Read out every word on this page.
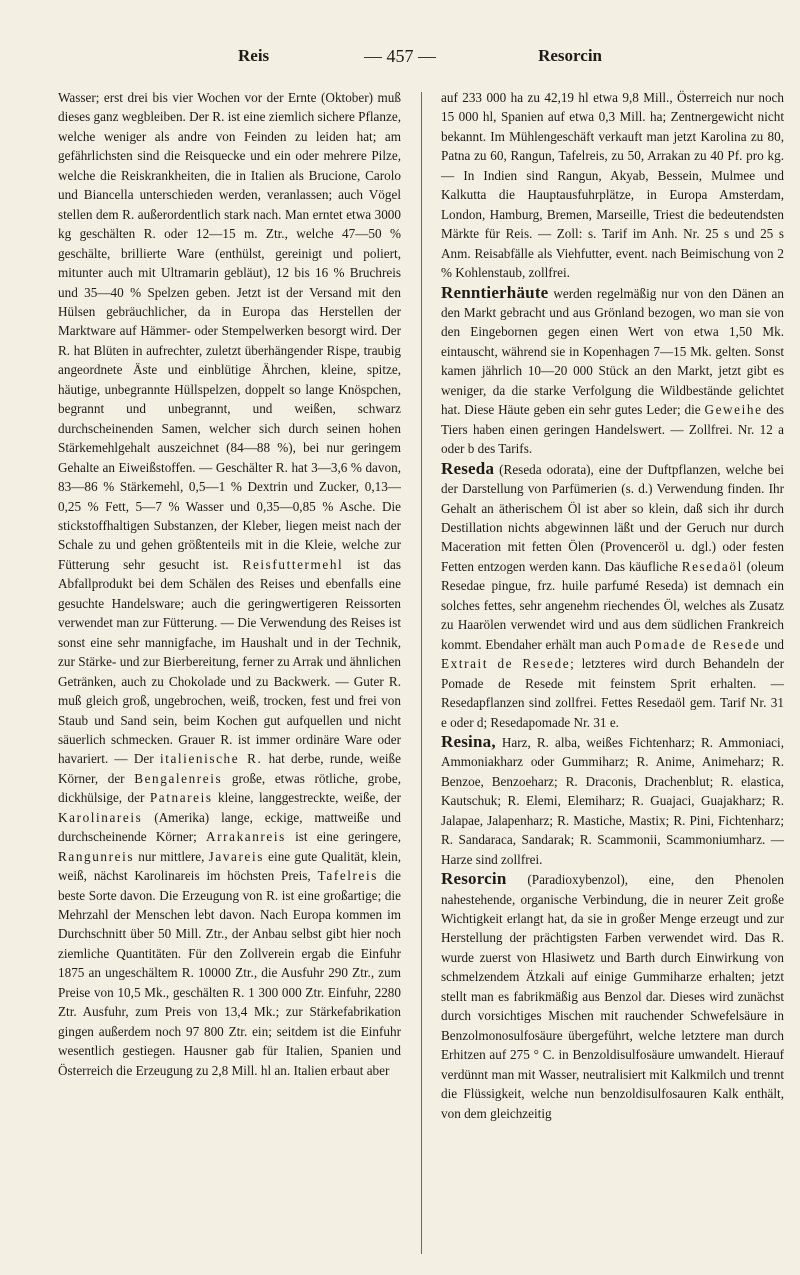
Reis	— 457 —	Resorcin

Wasser; erst drei bis vier Wochen vor der Ernte (Oktober) muß dieses ganz wegbleiben. Der R. ist eine ziemlich sichere Pflanze, welche weniger als andre von Feinden zu leiden hat; am gefährlichsten sind die Reisquecke und ein oder mehrere Pilze, welche die Reiskrankheiten, die in Italien als Brucione, Carolo und Biancella unterschieden werden, veranlassen; auch Vögel stellen dem R. außerordentlich stark nach. Man erntet etwa 3000 kg geschälten R. oder 12—15 m. Ztr., welche 47—50 % geschälte, brillierte Ware (enthülst, gereinigt und poliert, mitunter auch mit Ultramarin gebläut), 12 bis 16 % Bruchreis und 35—40 % Spelzen geben. Jetzt ist der Versand mit den Hülsen gebräuchlicher, da in Europa das Herstellen der Marktware auf Hämmer- oder Stempelwerken besorgt wird. Der R. hat Blüten in aufrechter, zuletzt überhängender Rispe, traubig angeordnete Äste und einblütige Ährchen, kleine, spitze, häutige, unbegrannte Hüllspelzen, doppelt so lange Knöspchen, begrannt und unbegrannt, und weißen, schwarz durchscheinenden Samen, welcher sich durch seinen hohen Stärkemehlgehalt auszeichnet (84—88 %), bei nur geringem Gehalte an Eiweißstoffen. — Geschälter R. hat 3—3,6 % davon, 83—86 % Stärkemehl, 0,5—1 % Dextrin und Zucker, 0,13—0,25 % Fett, 5—7 % Wasser und 0,35—0,85 % Asche. Die stickstoffhaltigen Substanzen, der Kleber, liegen meist nach der Schale zu und gehen größtenteils mit in die Kleie, welche zur Fütterung sehr gesucht ist. Reisfuttermehl ist das Abfallprodukt bei dem Schälen des Reises und ebenfalls eine gesuchte Handelsware; auch die geringwertigeren Reissorten verwendet man zur Fütterung. — Die Verwendung des Reises ist sonst eine sehr mannigfache, im Haushalt und in der Technik, zur Stärke- und zur Bierbereitung, ferner zu Arrak und ähnlichen Getränken, auch zu Chokolade und zu Backwerk. — Guter R. muß gleich groß, ungebrochen, weiß, trocken, fest und frei von Staub und Sand sein, beim Kochen gut aufquellen und nicht säuerlich schmecken. Grauer R. ist immer ordinäre Ware oder havariert. — Der italienische R. hat derbe, runde, weiße Körner, der Bengalenreis große, etwas rötliche, grobe, dickhülsige, der Patnareis kleine, langgestreckte, weiße, der Karolinareis (Amerika) lange, eckige, mattweiße und durchscheinende Körner; Arrakanreis ist eine geringere, Rangunreis nur mittlere, Javareis eine gute Qualität, klein, weiß, nächst Karolinareis im höchsten Preis, Tafelreis die beste Sorte davon. Die Erzeugung von R. ist eine großartige; die Mehrzahl der Menschen lebt davon. Nach Europa kommen im Durchschnitt über 50 Mill. Ztr., der Anbau selbst gibt hier noch ziemliche Quantitäten. Für den Zollverein ergab die Einfuhr 1875 an ungeschältem R. 10000 Ztr., die Ausfuhr 290 Ztr., zum Preise von 10,5 Mk., geschälten R. 1 300 000 Ztr. Einfuhr, 2280 Ztr. Ausfuhr, zum Preis von 13,4 Mk.; zur Stärkefabrikation gingen außerdem noch 97 800 Ztr. ein; seitdem ist die Einfuhr wesentlich gestiegen. Hausner gab für Italien, Spanien und Österreich die Erzeugung zu 2,8 Mill. hl an. Italien erbaut aber

auf 233 000 ha zu 42,19 hl etwa 9,8 Mill., Österreich nur noch 15 000 hl, Spanien auf etwa 0,3 Mill. ha; Zentnergewicht nicht bekannt. Im Mühlengeschäft verkauft man jetzt Karolina zu 80, Patna zu 60, Rangun, Tafelreis, zu 50, Arrakan zu 40 Pf. pro kg. — In Indien sind Rangun, Akyab, Bessein, Mulmee und Kalkutta die Hauptausfuhrplätze, in Europa Amsterdam, London, Hamburg, Bremen, Marseille, Triest die bedeutendsten Märkte für Reis. — Zoll: s. Tarif im Anh. Nr. 25 s und 25 s Anm. Reisabfälle als Viehfutter, event. nach Beimischung von 2 % Kohlenstaub, zollfrei.

Renntierhäute werden regelmäßig nur von den Dänen an den Markt gebracht und aus Grönland bezogen, wo man sie von den Eingebornen gegen einen Wert von etwa 1,50 Mk. eintauscht, während sie in Kopenhagen 7—15 Mk. gelten. Sonst kamen jährlich 10—20 000 Stück an den Markt, jetzt gibt es weniger, da die starke Verfolgung die Wildbestände gelichtet hat. Diese Häute geben ein sehr gutes Leder; die Geweihe des Tiers haben einen geringen Handelswert. — Zollfrei. Nr. 12 a oder b des Tarifs.

Reseda (Reseda odorata), eine der Duftpflanzen, welche bei der Darstellung von Parfümerien (s. d.) Verwendung finden. Ihr Gehalt an ätherischem Öl ist aber so klein, daß sich ihr durch Destillation nichts abgewinnen läßt und der Geruch nur durch Maceration mit fetten Ölen (Provenceröl u. dgl.) oder festen Fetten entzogen werden kann. Das käufliche Resedaöl (oleum Resedae pingue, frz. huile parfumé Reseda) ist demnach ein solches fettes, sehr angenehm riechendes Öl, welches als Zusatz zu Haarölen verwendet wird und aus dem südlichen Frankreich kommt. Ebendaher erhält man auch Pomade de Resede und Extrait de Resede; letzteres wird durch Behandeln der Pomade de Resede mit feinstem Sprit erhalten. — Resedapflanzen sind zollfrei. Fettes Resedaöl gem. Tarif Nr. 31 e oder d; Resedapomade Nr. 31 e.

Resina, Harz, R. alba, weißes Fichtenharz; R. Ammoniaci, Ammoniakharz oder Gummiharz; R. Anime, Animeharz; R. Benzoe, Benzoeharz; R. Draconis, Drachenblut; R. elastica, Kautschuk; R. Elemi, Elemiharz; R. Guajaci, Guajakharz; R. Jalapae, Jalapenharz; R. Mastiche, Mastix; R. Pini, Fichtenharz; R. Sandaraca, Sandarak; R. Scammonii, Scammoniumharz. — Harze sind zollfrei.

Resorcin (Paradioxybenzol), eine, den Phenolen nahestehende, organische Verbindung, die in neurer Zeit große Wichtigkeit erlangt hat, da sie in großer Menge erzeugt und zur Herstellung der prächtigsten Farben verwendet wird. Das R. wurde zuerst von Hlasiwetz und Barth durch Einwirkung von schmelzendem Ätzkali auf einige Gummiharze erhalten; jetzt stellt man es fabrikmäßig aus Benzol dar. Dieses wird zunächst durch vorsichtiges Mischen mit rauchender Schwefelsäure in Benzolmonosulfosäure übergeführt, welche letztere man durch Erhitzen auf 275 ° C. in Benzoldisulfosäure umwandelt. Hierauf verdünnt man mit Wasser, neutralisiert mit Kalkmilch und trennt die Flüssigkeit, welche nun benzoldisulfosauren Kalk enthält, von dem gleichzeitig
